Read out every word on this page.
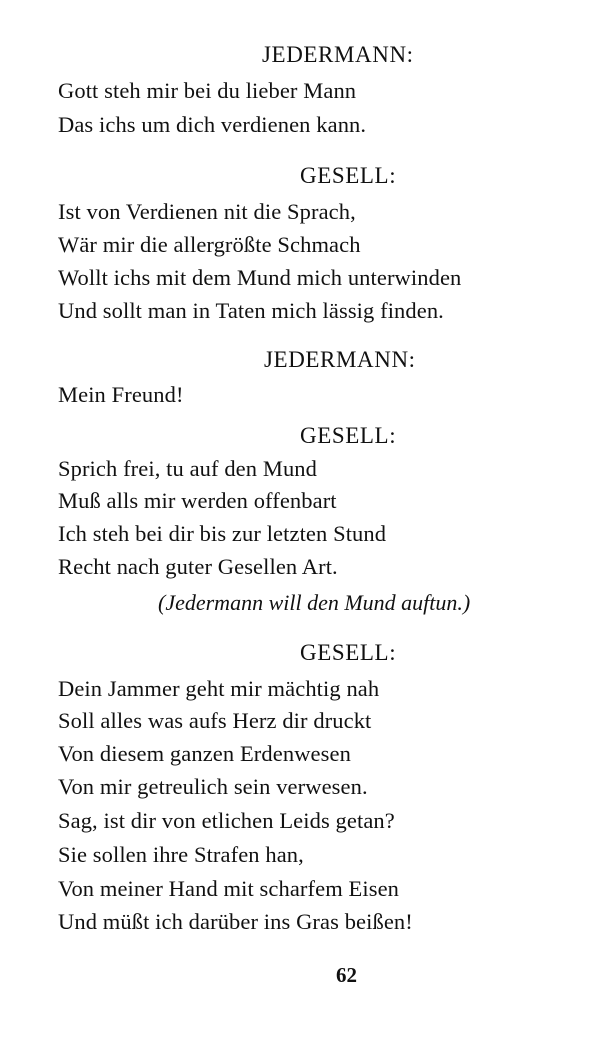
JEDERMANN:
Gott steh mir bei du lieber Mann
Das ichs um dich verdienen kann.
GESELL:
Ist von Verdienen nit die Sprach,
Wär mir die allergrößte Schmach
Wollt ichs mit dem Mund mich unterwinden
Und sollt man in Taten mich lässig finden.
JEDERMANN:
Mein Freund!
GESELL:
Sprich frei, tu auf den Mund
Muß alls mir werden offenbart
Ich steh bei dir bis zur letzten Stund
Recht nach guter Gesellen Art.
(Jedermann will den Mund auftun.)
GESELL:
Dein Jammer geht mir mächtig nah
Soll alles was aufs Herz dir druckt
Von diesem ganzen Erdenwesen
Von mir getreulich sein verwesen.
Sag, ist dir von etlichen Leids getan?
Sie sollen ihre Strafen han,
Von meiner Hand mit scharfem Eisen
Und müßt ich darüber ins Gras beißen!
62
